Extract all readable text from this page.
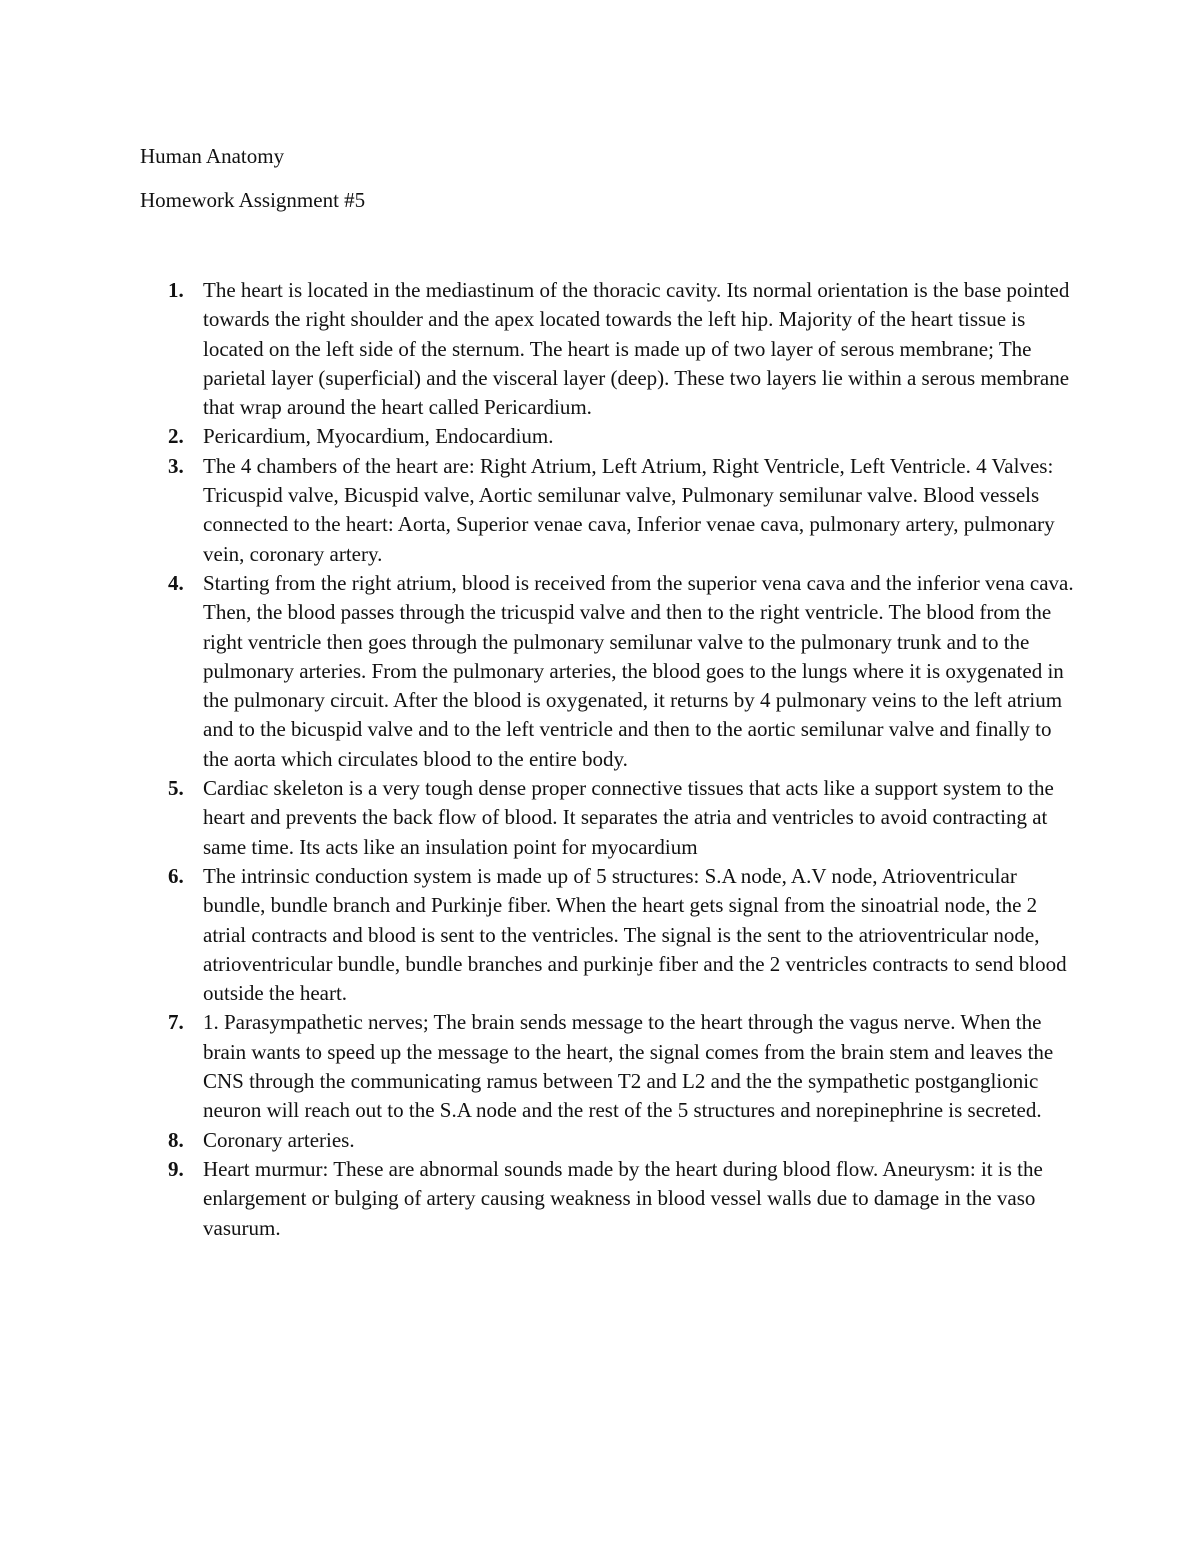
Human Anatomy
Homework Assignment #5
1. The heart is located in the mediastinum of the thoracic cavity. Its normal orientation is the base pointed towards the right shoulder and the apex located towards the left hip. Majority of the heart tissue is located on the left side of the sternum. The heart is made up of two layer of serous membrane; The parietal layer (superficial) and the visceral layer (deep). These two layers lie within a serous membrane that wrap around the heart called Pericardium.
2. Pericardium, Myocardium, Endocardium.
3. The 4 chambers of the heart are: Right Atrium, Left Atrium, Right Ventricle, Left Ventricle. 4 Valves: Tricuspid valve, Bicuspid valve, Aortic semilunar valve, Pulmonary semilunar valve. Blood vessels connected to the heart: Aorta, Superior venae cava, Inferior venae cava, pulmonary artery, pulmonary vein, coronary artery.
4. Starting from the right atrium, blood is received from the superior vena cava and the inferior vena cava. Then, the blood passes through the tricuspid valve and then to the right ventricle. The blood from the right ventricle then goes through the pulmonary semilunar valve to the pulmonary trunk and to the pulmonary arteries. From the pulmonary arteries, the blood goes to the lungs where it is oxygenated in the pulmonary circuit. After the blood is oxygenated, it returns by 4 pulmonary veins to the left atrium and to the bicuspid valve and to the left ventricle and then to the aortic semilunar valve and finally to the aorta which circulates blood to the entire body.
5. Cardiac skeleton is a very tough dense proper connective tissues that acts like a support system to the heart and prevents the back flow of blood. It separates the atria and ventricles to avoid contracting at same time. Its acts like an insulation point for myocardium
6. The intrinsic conduction system is made up of 5 structures: S.A node, A.V node, Atrioventricular bundle, bundle branch and Purkinje fiber. When the heart gets signal from the sinoatrial node, the 2 atrial contracts and blood is sent to the ventricles. The signal is the sent to the atrioventricular node, atrioventricular bundle, bundle branches and purkinje fiber and the 2 ventricles contracts to send blood outside the heart.
7. 1. Parasympathetic nerves; The brain sends message to the heart through the vagus nerve. When the brain wants to speed up the message to the heart, the signal comes from the brain stem and leaves the CNS through the communicating ramus between T2 and L2 and the the sympathetic postganglionic neuron will reach out to the S.A node and the rest of the 5 structures and norepinephrine is secreted.
8. Coronary arteries.
9. Heart murmur: These are abnormal sounds made by the heart during blood flow. Aneurysm: it is the enlargement or bulging of artery causing weakness in blood vessel walls due to damage in the vaso vasurum.
